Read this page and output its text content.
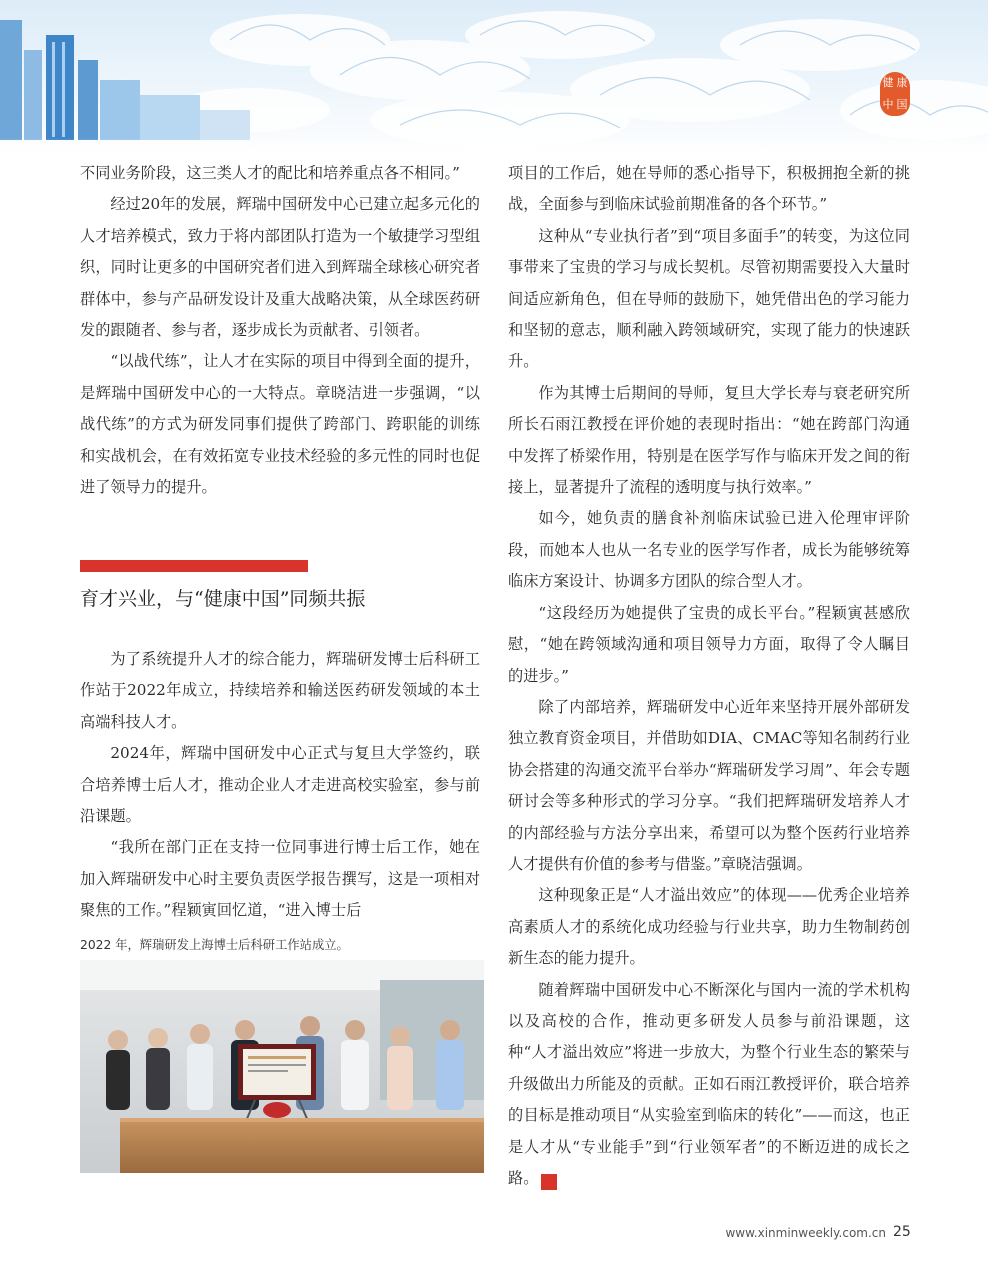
健 康
中 国

不同业务阶段，这三类人才的配比和培养重点各不相同。”

经过20年的发展，辉瑞中国研发中心已建立起多元化的人才培养模式，致力于将内部团队打造为一个敏捷学习型组织，同时让更多的中国研究者们进入到辉瑞全球核心研究者群体中，参与产品研发设计及重大战略决策，从全球医药研发的跟随者、参与者，逐步成长为贡献者、引领者。

“以战代练”，让人才在实际的项目中得到全面的提升，是辉瑞中国研发中心的一大特点。章晓洁进一步强调，“以战代练”的方式为研发同事们提供了跨部门、跨职能的训练和实战机会，在有效拓宽专业技术经验的多元性的同时也促进了领导力的提升。

育才兴业，与“健康中国”同频共振

为了系统提升人才的综合能力，辉瑞研发博士后科研工作站于2022年成立，持续培养和输送医药研发领域的本土高端科技人才。

2024年，辉瑞中国研发中心正式与复旦大学签约，联合培养博士后人才，推动企业人才走进高校实验室，参与前沿课题。

“我所在部门正在支持一位同事进行博士后工作，她在加入辉瑞研发中心时主要负责医学报告撰写，这是一项相对聚焦的工作。”程颖寅回忆道，“进入博士后

2022 年，辉瑞研发上海博士后科研工作站成立。

项目的工作后，她在导师的悉心指导下，积极拥抱全新的挑战，全面参与到临床试验前期准备的各个环节。”

这种从“专业执行者”到“项目多面手”的转变，为这位同事带来了宝贵的学习与成长契机。尽管初期需要投入大量时间适应新角色，但在导师的鼓励下，她凭借出色的学习能力和坚韧的意志，顺利融入跨领域研究，实现了能力的快速跃升。

作为其博士后期间的导师，复旦大学长寿与衰老研究所所长石雨江教授在评价她的表现时指出：“她在跨部门沟通中发挥了桥梁作用，特别是在医学写作与临床开发之间的衔接上，显著提升了流程的透明度与执行效率。”

如今，她负责的膳食补剂临床试验已进入伦理审评阶段，而她本人也从一名专业的医学写作者，成长为能够统筹临床方案设计、协调多方团队的综合型人才。

“这段经历为她提供了宝贵的成长平台。”程颖寅甚感欣慰，“她在跨领域沟通和项目领导力方面，取得了令人瞩目的进步。”

除了内部培养，辉瑞研发中心近年来坚持开展外部研发独立教育资金项目，并借助如DIA、CMAC等知名制药行业协会搭建的沟通交流平台举办“辉瑞研发学习周”、年会专题研讨会等多种形式的学习分享。“我们把辉瑞研发培养人才的内部经验与方法分享出来，希望可以为整个医药行业培养人才提供有价值的参考与借鉴。”章晓洁强调。

这种现象正是“人才溢出效应”的体现——优秀企业培养高素质人才的系统化成功经验与行业共享，助力生物制药创新生态的能力提升。

随着辉瑞中国研发中心不断深化与国内一流的学术机构以及高校的合作，推动更多研发人员参与前沿课题，这种“人才溢出效应”将进一步放大，为整个行业生态的繁荣与升级做出力所能及的贡献。正如石雨江教授评价，联合培养的目标是推动项目“从实验室到临床的转化”——而这，也正是人才从“专业能手”到“行业领军者”的不断迈进的成长之路。	民

www.xinminweekly.com.cn 25
